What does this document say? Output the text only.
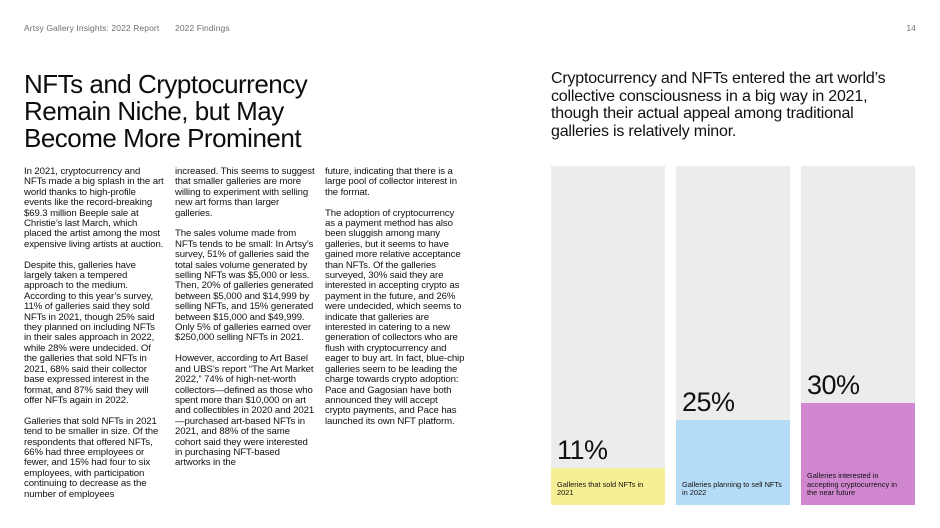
Artsy Gallery Insights: 2022 Report 2022 Findings	14
NFTs and Cryptocurrency Remain Niche, but May Become More Prominent

In 2021, cryptocurrency and NFTs made a big splash in the art world thanks to high-profile events like the record-breaking $69.3 million Beeple sale at Christie’s last March, which placed the artist among the most expensive living artists at auction.

Despite this, galleries have largely taken a tempered approach to the medium. According to this year’s survey, 11% of galleries said they sold NFTs in 2021, though 25% said they planned on including NFTs in their sales approach in 2022, while 28% were undecided. Of the galleries that sold NFTs in 2021, 68% said their collector base expressed interest in the format, and 87% said they will offer NFTs again in 2022.

Galleries that sold NFTs in 2021 tend to be smaller in size. Of the respondents that offered NFTs, 66% had three employees or fewer, and 15% had four to six employees, with participation continuing to decrease as the number of employees

increased. This seems to suggest that smaller galleries are more willing to experiment with selling new art forms than larger galleries.

The sales volume made from NFTs tends to be small: In Artsy’s survey, 51% of galleries said the total sales volume generated by selling NFTs was $5,000 or less. Then, 20% of galleries generated between $5,000 and $14,999 by selling NFTs, and 15% generated between $15,000 and $49,999. Only 5% of galleries earned over $250,000 selling NFTs in 2021.

However, according to Art Basel and UBS’s report “The Art Market 2022,” 74% of high-net-worth collectors—defined as those who spent more than $10,000 on art and collectibles in 2020 and 2021—purchased art-based NFTs in 2021, and 88% of the same cohort said they were interested in purchasing NFT-based artworks in the

future, indicating that there is a large pool of collector interest in the format.

The adoption of cryptocurrency as a payment method has also been sluggish among many galleries, but it seems to have gained more relative acceptance than NFTs. Of the galleries surveyed, 30% said they are interested in accepting crypto as payment in the future, and 26% were undecided, which seems to indicate that galleries are interested in catering to a new generation of collectors who are flush with cryptocurrency and eager to buy art. In fact, blue-chip galleries seem to be leading the charge towards crypto adoption: Pace and Gagosian have both announced they will accept crypto payments, and Pace has launched its own NFT platform.

Cryptocurrency and NFTs entered the art world’s collective consciousness in a big way in 2021, though their actual appeal among traditional galleries is relatively minor.
11%
Galleries that sold NFTs in 2021
25%
Galleries planning to sell NFTs in 2022
30%
Galleries interested in accepting cryptocurrency in the near future
